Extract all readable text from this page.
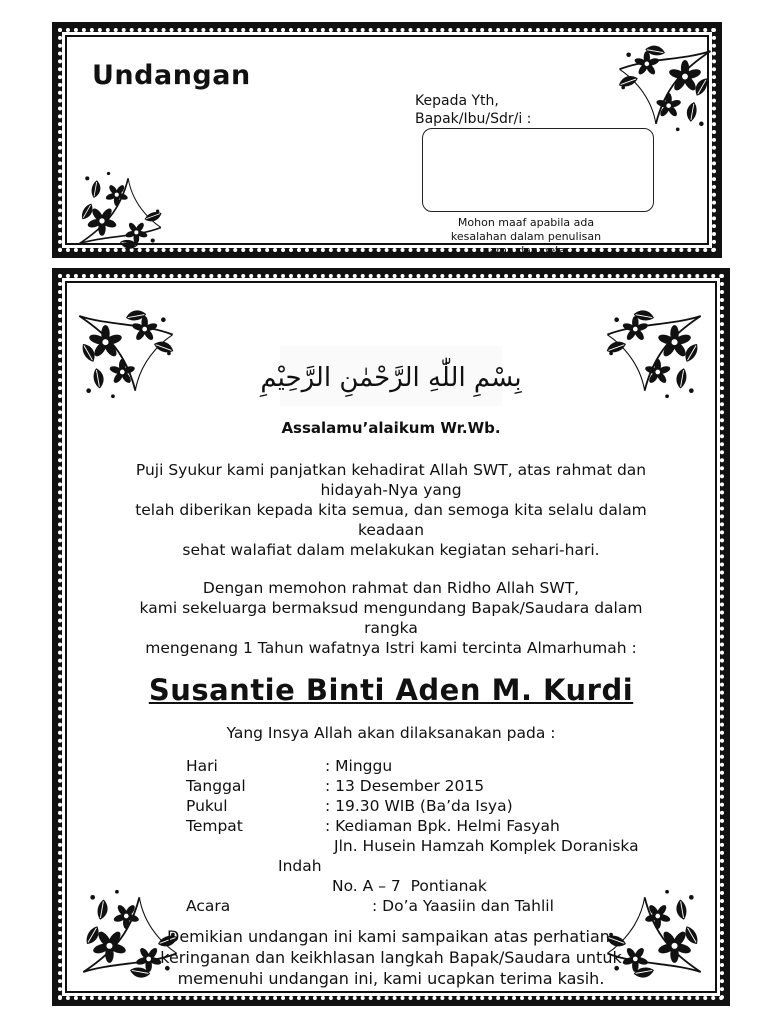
Undangan
Kepada Yth,
Bapak/Ibu/Sdr/i :
Mohon maaf apabila ada kesalahan dalam penulisan nama dan gelar
بِسْمِ اللّٰهِ الرَّحْمٰنِ الرَّحِيْمِ
Assalamu’alaikum Wr.Wb.
Puji Syukur kami panjatkan kehadirat Allah SWT, atas rahmat dan hidayah-Nya yang
telah diberikan kepada kita semua, dan semoga kita selalu dalam keadaan
sehat walafiat dalam melakukan kegiatan sehari-hari.
Dengan memohon rahmat dan Ridho Allah SWT,
kami sekeluarga bermaksud mengundang Bapak/Saudara dalam rangka
mengenang 1 Tahun wafatnya Istri kami tercinta Almarhumah :
Susantie Binti Aden M. Kurdi
Yang Insya Allah akan dilaksanakan pada :
Hari	: Minggu
Tanggal	: 13 Desember 2015
Pukul	: 19.30 WIB (Ba’da Isya)
Tempat	: Kediaman Bpk. Helmi Fasyah
Jln. Husein Hamzah Komplek Doraniska
Indah
No. A – 7  Pontianak
Acara	: Do’a Yaasiin dan Tahlil
Demikian undangan ini kami sampaikan atas perhatian,
keringanan dan keikhlasan langkah Bapak/Saudara untuk
memenuhi undangan ini, kami ucapkan terima kasih.
